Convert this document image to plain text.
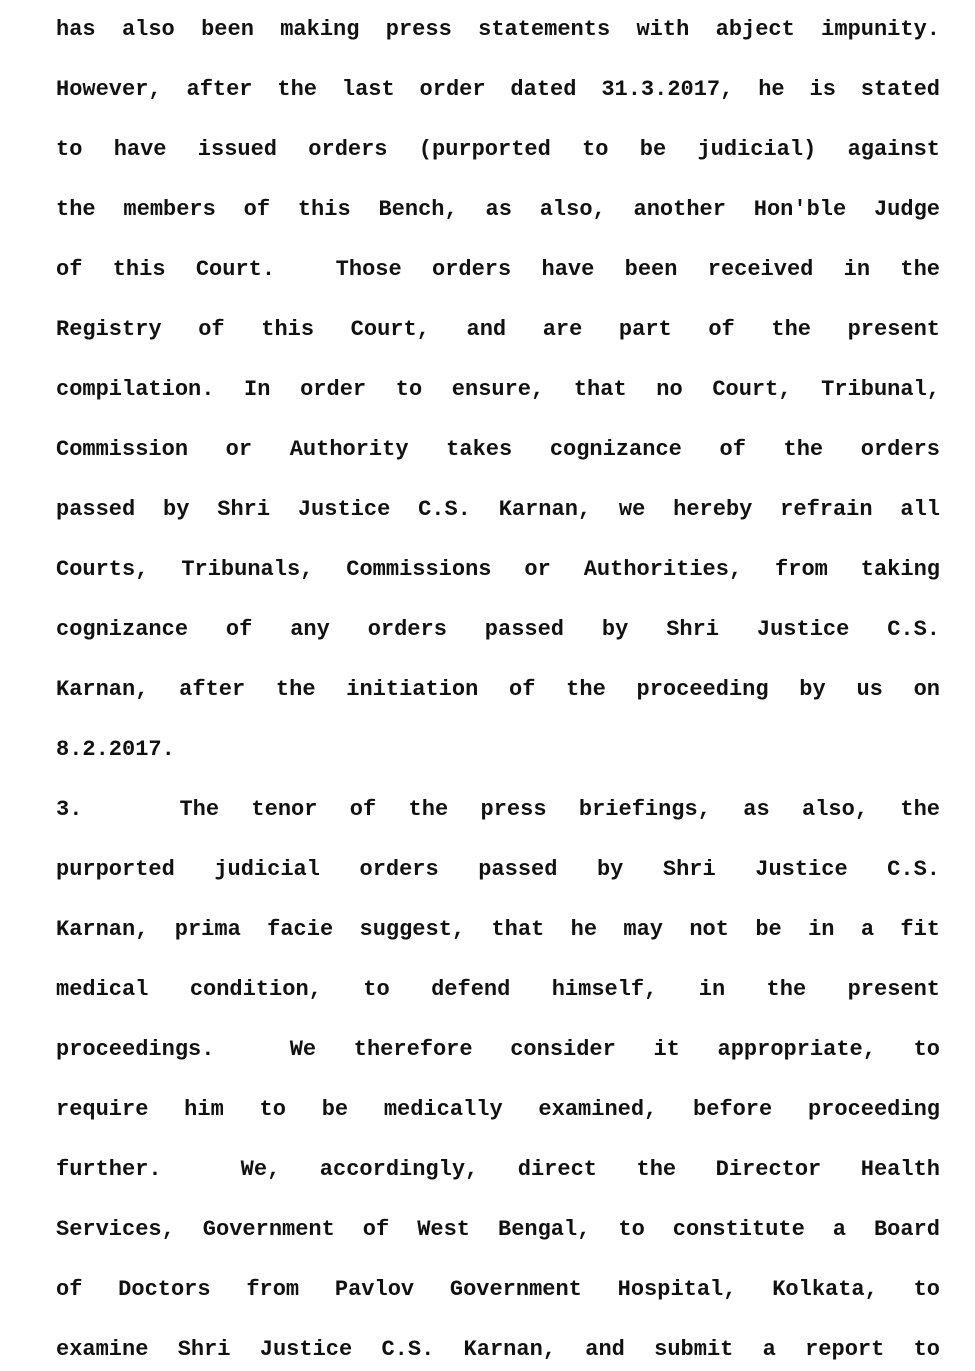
has also been making press statements with abject impunity.
However, after the last order dated 31.3.2017, he is stated
to have issued orders (purported to be judicial) against
the members of this Bench, as also, another Hon'ble Judge
of this Court.  Those orders have been received in the
Registry of this Court, and are part of the present
compilation. In order to ensure, that no Court, Tribunal,
Commission or Authority takes cognizance of the orders
passed by Shri Justice C.S. Karnan, we hereby refrain all
Courts, Tribunals, Commissions or Authorities, from taking
cognizance of any orders passed by Shri Justice C.S.
Karnan, after the initiation of the proceeding by us on
8.2.2017.
3.   The tenor of the press briefings, as also, the
purported judicial orders passed by Shri Justice C.S.
Karnan, prima facie suggest, that he may not be in a fit
medical condition, to defend himself, in the present
proceedings.  We therefore consider it appropriate, to
require him to be medically examined, before proceeding
further.  We, accordingly, direct the Director Health
Services, Government of West Bengal, to constitute a Board
of Doctors from Pavlov Government Hospital, Kolkata, to
examine Shri Justice C.S. Karnan, and submit a report to
